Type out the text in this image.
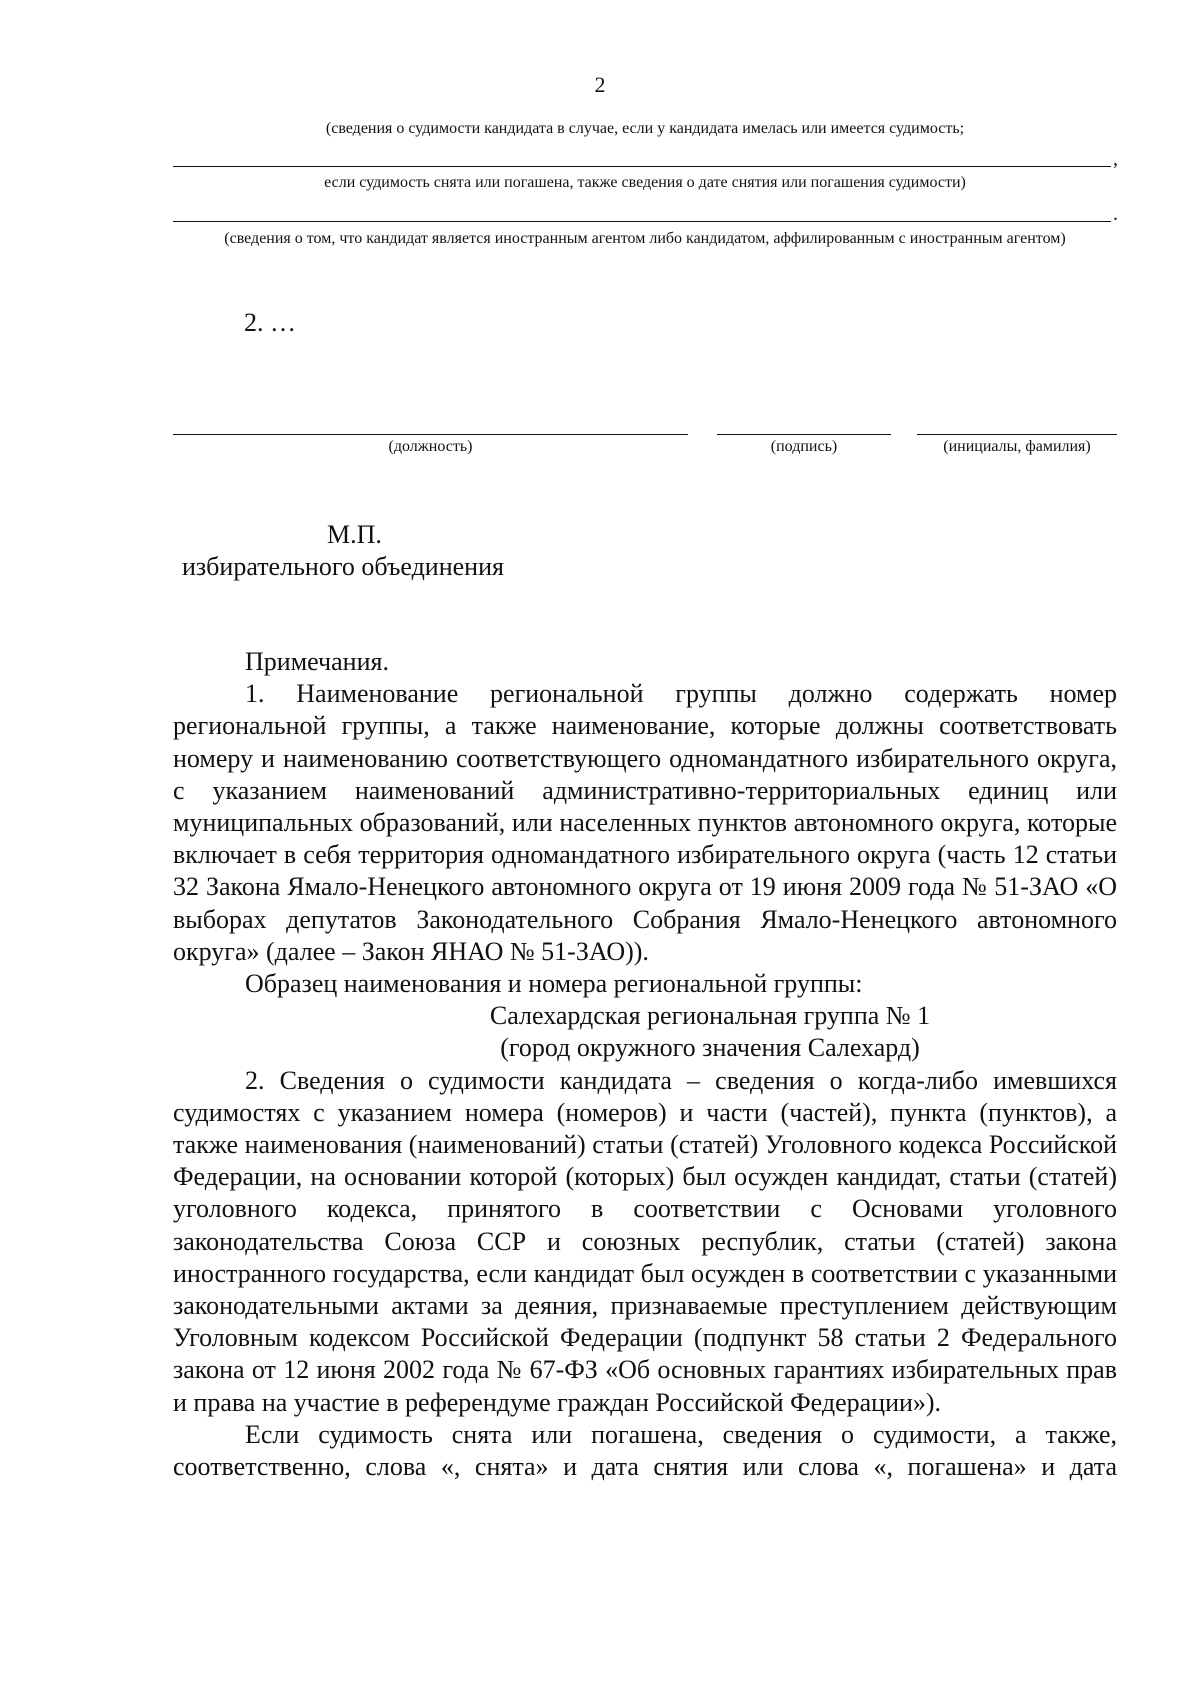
2
(сведения о судимости кандидата в случае, если у кандидата имелась или имеется судимость;
,
если судимость снята или погашена, также сведения о дате снятия или погашения судимости)
.
(сведения о том, что кандидат является иностранным агентом либо кандидатом, аффилированным с иностранным агентом)
2. …
(должность)	(подпись)	(инициалы, фамилия)
М.П.
избирательного объединения

Примечания.

1. Наименование региональной группы должно содержать номер региональной группы, а также наименование, которые должны соответствовать номеру и наименованию соответствующего одномандатного избирательного округа, с указанием наименований административно-территориальных единиц или муниципальных образований, или населенных пунктов автономного округа, которые включает в себя территория одномандатного избирательного округа (часть 12 статьи 32 Закона Ямало-Ненецкого автономного округа от 19 июня 2009 года № 51-ЗАО «О выборах депутатов Законодательного Собрания Ямало-Ненецкого автономного округа» (далее – Закон ЯНАО № 51-ЗАО)).

Образец наименования и номера региональной группы:

Салехардская региональная группа № 1

(город окружного значения Салехард)

2. Сведения о судимости кандидата – сведения о когда-либо имевшихся судимостях с указанием номера (номеров) и части (частей), пункта (пунктов), а также наименования (наименований) статьи (статей) Уголовного кодекса Российской Федерации, на основании которой (которых) был осужден кандидат, статьи (статей) уголовного кодекса, принятого в соответствии с Основами уголовного законодательства Союза ССР и союзных республик, статьи (статей) закона иностранного государства, если кандидат был осужден в соответствии с указанными законодательными актами за деяния, признаваемые преступлением действующим Уголовным кодексом Российской Федерации (подпункт 58 статьи 2 Федерального закона от 12 июня 2002 года № 67-ФЗ «Об основных гарантиях избирательных прав и права на участие в референдуме граждан Российской Федерации»).

Если судимость снята или погашена, сведения о судимости, а также, соответственно, слова «, снята» и дата снятия или слова «, погашена» и дата
